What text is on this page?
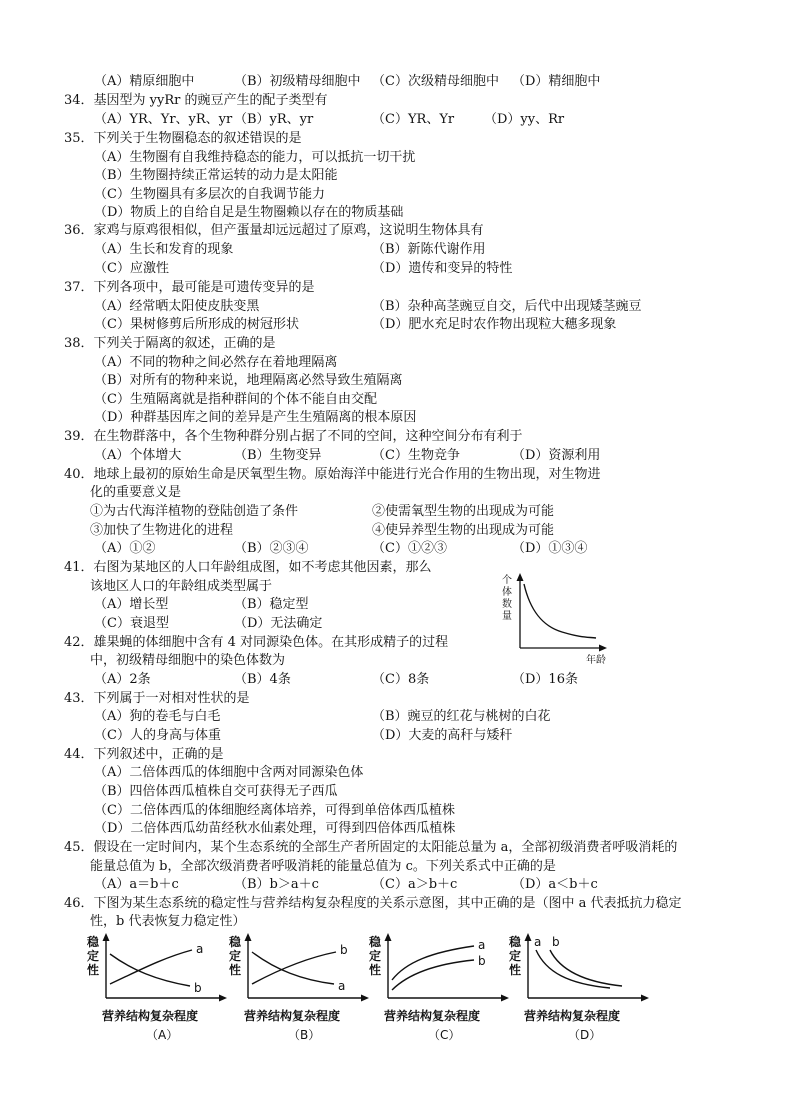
（A）精原细胞中	（B）初级精母细胞中 （C）次级精母细胞中 （D）精细胞中
34．基因型为 yyRr 的豌豆产生的配子类型有
（A）YR、Yr、yR、yr （B）yR、yr	（C）YR、Yr （D）yy、Rr
35．下列关于生物圈稳态的叙述错误的是
（A）生物圈有自我维持稳态的能力，可以抵抗一切干扰
（B）生物圈持续正常运转的动力是太阳能
（C）生物圈具有多层次的自我调节能力
（D）物质上的自给自足是生物圈赖以存在的物质基础
36．家鸡与原鸡很相似，但产蛋量却远远超过了原鸡，这说明生物体具有
（A）生长和发育的现象	（B）新陈代谢作用
（C）应激性	（D）遗传和变异的特性
37．下列各项中，最可能是可遗传变异的是
（A）经常晒太阳使皮肤变黑	（B）杂种高茎豌豆自交，后代中出现矮茎豌豆
（C）果树修剪后所形成的树冠形状	（D）肥水充足时农作物出现粒大穗多现象
38．下列关于隔离的叙述，正确的是
（A）不同的物种之间必然存在着地理隔离
（B）对所有的物种来说，地理隔离必然导致生殖隔离
（C）生殖隔离就是指种群间的个体不能自由交配
（D）种群基因库之间的差异是产生生殖隔离的根本原因
39．在生物群落中，各个生物种群分别占据了不同的空间，这种空间分布有利于
（A）个体增大	（B）生物变异	（C）生物竞争	（D）资源利用
40．地球上最初的原始生命是厌氧型生物。原始海洋中能进行光合作用的生物出现，对生物进
化的重要意义是
①为古代海洋植物的登陆创造了条件	②使需氧型生物的出现成为可能
③加快了生物进化的进程	④使异养型生物的出现成为可能
（A）①②	（B）②③④	（C）①②③	（D）①③④
41．右图为某地区的人口年龄组成图，如不考虑其他因素，那么
该地区人口的年龄组成类型属于
（A）增长型	（B）稳定型
（C）衰退型	（D）无法确定
个
体
数
量
年龄
42．雄果蝇的体细胞中含有 4 对同源染色体。在其形成精子的过程
中，初级精母细胞中的染色体数为
（A）2条	（B）4条	（C）8条	（D）16条
43．下列属于一对相对性状的是
（A）狗的卷毛与白毛	（B）豌豆的红花与桃树的白花
（C）人的身高与体重	（D）大麦的高秆与矮秆
44．下列叙述中，正确的是
（A）二倍体西瓜的体细胞中含两对同源染色体
（B）四倍体西瓜植株自交可获得无子西瓜
（C）二倍体西瓜的体细胞经离体培养，可得到单倍体西瓜植株
（D）二倍体西瓜幼苗经秋水仙素处理，可得到四倍体西瓜植株
45．假设在一定时间内，某个生态系统的全部生产者所固定的太阳能总量为 a，全部初级消费者呼吸消耗的
能量总值为 b，全部次级消费者呼吸消耗的能量总值为 c。下列关系式中正确的是
（A）a＝b＋c	（B）b＞a＋c	（C）a＞b＋c	（D）a＜b＋c
46．下图为某生态系统的稳定性与营养结构复杂程度的关系示意图，其中正确的是（图中 a 代表抵抗力稳定
性，b 代表恢复力稳定性）
稳
定
性
a
b
营养结构复杂程度
（A）
稳
定
性
a
b
营养结构复杂程度
（B）
稳
定
性
a
b
营养结构复杂程度
（C）
稳
定
性
a b
营养结构复杂程度
（D）
